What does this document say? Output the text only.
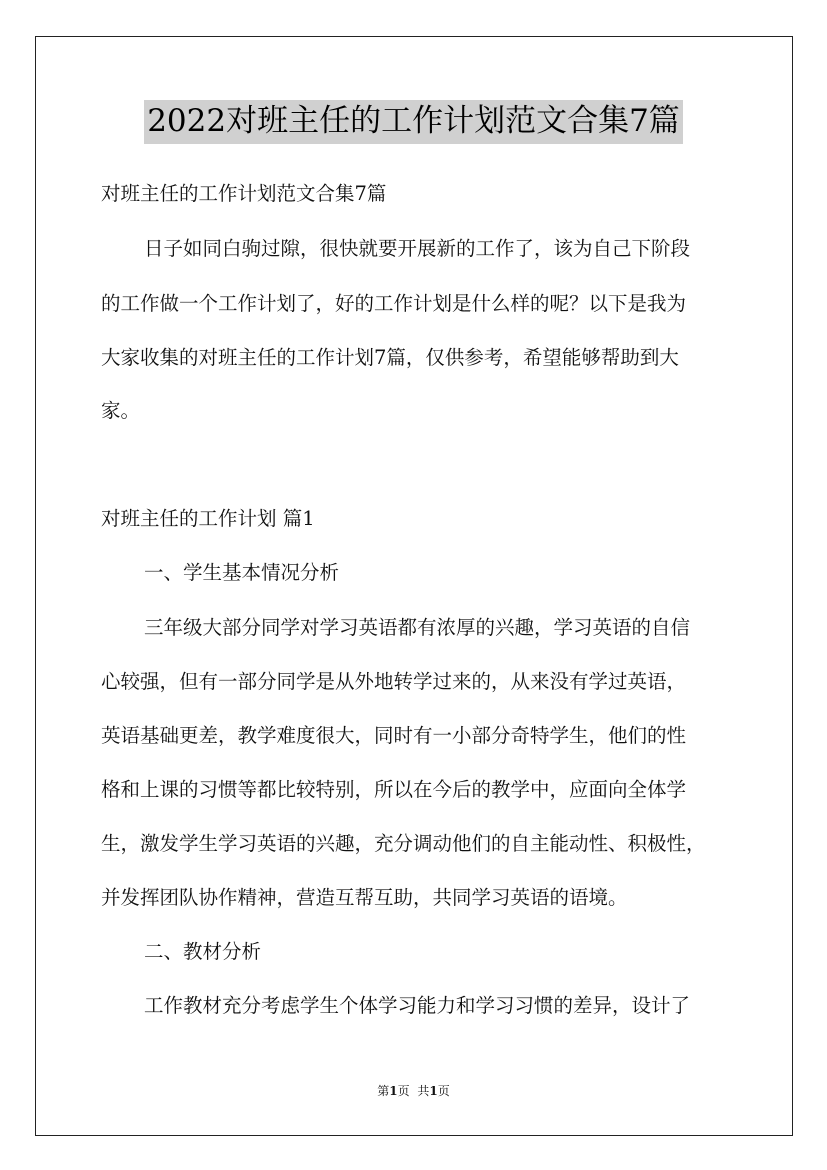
2022对班主任的工作计划范文合集7篇
对班主任的工作计划范文合集7篇
日子如同白驹过隙，很快就要开展新的工作了，该为自己下阶段
的工作做一个工作计划了，好的工作计划是什么样的呢？以下是我为
大家收集的对班主任的工作计划7篇，仅供参考，希望能够帮助到大
家。
对班主任的工作计划 篇1
一、学生基本情况分析
三年级大部分同学对学习英语都有浓厚的兴趣，学习英语的自信
心较强，但有一部分同学是从外地转学过来的，从来没有学过英语，
英语基础更差，教学难度很大，同时有一小部分奇特学生，他们的性
格和上课的习惯等都比较特别，所以在今后的教学中，应面向全体学
生，激发学生学习英语的兴趣，充分调动他们的自主能动性、积极性，
并发挥团队协作精神，营造互帮互助，共同学习英语的语境。
二、教材分析
工作教材充分考虑学生个体学习能力和学习习惯的差异，设计了
第1页 共1页
